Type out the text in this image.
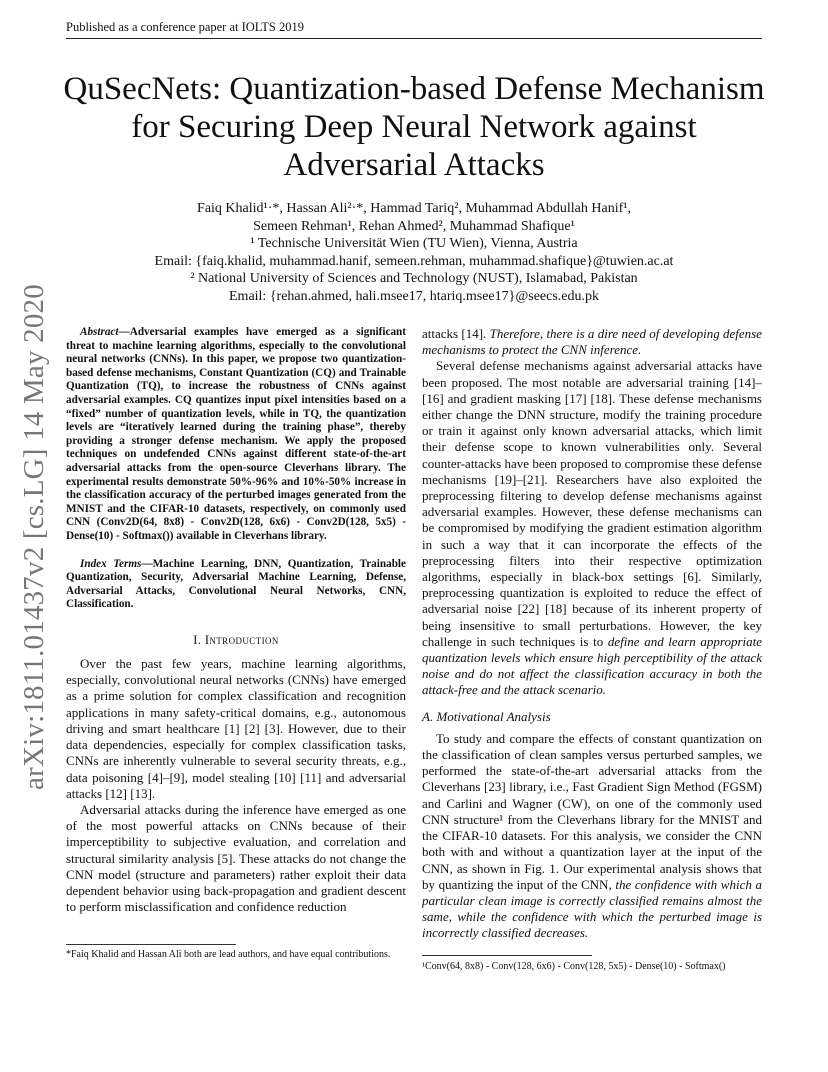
Published as a conference paper at IOLTS 2019
arXiv:1811.01437v2 [cs.LG] 14 May 2020
QuSecNets: Quantization-based Defense Mechanism
for Securing Deep Neural Network against
Adversarial Attacks
Faiq Khalid¹·*, Hassan Ali²·*, Hammad Tariq², Muhammad Abdullah Hanif¹,
Semeen Rehman¹, Rehan Ahmed², Muhammad Shafique¹
¹ Technische Universität Wien (TU Wien), Vienna, Austria
Email: {faiq.khalid, muhammad.hanif, semeen.rehman, muhammad.shafique}@tuwien.ac.at
² National University of Sciences and Technology (NUST), Islamabad, Pakistan
Email: {rehan.ahmed, hali.msee17, htariq.msee17}@seecs.edu.pk

Abstract—Adversarial examples have emerged as a significant threat to machine learning algorithms, especially to the convolutional neural networks (CNNs). In this paper, we propose two quantization-based defense mechanisms, Constant Quantization (CQ) and Trainable Quantization (TQ), to increase the robustness of CNNs against adversarial examples. CQ quantizes input pixel intensities based on a “fixed” number of quantization levels, while in TQ, the quantization levels are “iteratively learned during the training phase”, thereby providing a stronger defense mechanism. We apply the proposed techniques on undefended CNNs against different state-of-the-art adversarial attacks from the open-source Cleverhans library. The experimental results demonstrate 50%-96% and 10%-50% increase in the classification accuracy of the perturbed images generated from the MNIST and the CIFAR-10 datasets, respectively, on commonly used CNN (Conv2D(64, 8x8) - Conv2D(128, 6x6) - Conv2D(128, 5x5) - Dense(10) - Softmax()) available in Cleverhans library.

Index Terms—Machine Learning, DNN, Quantization, Trainable Quantization, Security, Adversarial Machine Learning, Defense, Adversarial Attacks, Convolutional Neural Networks, CNN, Classification.

I. Introduction

Over the past few years, machine learning algorithms, especially, convolutional neural networks (CNNs) have emerged as a prime solution for complex classification and recognition applications in many safety-critical domains, e.g., autonomous driving and smart healthcare [1] [2] [3]. However, due to their data dependencies, especially for complex classification tasks, CNNs are inherently vulnerable to several security threats, e.g., data poisoning [4]–[9], model stealing [10] [11] and adversarial attacks [12] [13].

Adversarial attacks during the inference have emerged as one of the most powerful attacks on CNNs because of their imperceptibility to subjective evaluation, and correlation and structural similarity analysis [5]. These attacks do not change the CNN model (structure and parameters) rather exploit their data dependent behavior using back-propagation and gradient descent to perform misclassification and confidence reduction

attacks [14]. Therefore, there is a dire need of developing defense mechanisms to protect the CNN inference.

Several defense mechanisms against adversarial attacks have been proposed. The most notable are adversarial training [14]–[16] and gradient masking [17] [18]. These defense mechanisms either change the DNN structure, modify the training procedure or train it against only known adversarial attacks, which limit their defense scope to known vulnerabilities only. Several counter-attacks have been proposed to compromise these defense mechanisms [19]–[21]. Researchers have also exploited the preprocessing filtering to develop defense mechanisms against adversarial examples. However, these defense mechanisms can be compromised by modifying the gradient estimation algorithm in such a way that it can incorporate the effects of the preprocessing filters into their respective optimization algorithms, especially in black-box settings [6]. Similarly, preprocessing quantization is exploited to reduce the effect of adversarial noise [22] [18] because of its inherent property of being insensitive to small perturbations. However, the key challenge in such techniques is to define and learn appropriate quantization levels which ensure high perceptibility of the attack noise and do not affect the classification accuracy in both the attack-free and the attack scenario.

A. Motivational Analysis

To study and compare the effects of constant quantization on the classification of clean samples versus perturbed samples, we performed the state-of-the-art adversarial attacks from the Cleverhans [23] library, i.e., Fast Gradient Sign Method (FGSM) and Carlini and Wagner (CW), on one of the commonly used CNN structure¹ from the Cleverhans library for the MNIST and the CIFAR-10 datasets. For this analysis, we consider the CNN both with and without a quantization layer at the input of the CNN, as shown in Fig. 1. Our experimental analysis shows that by quantizing the input of the CNN, the confidence with which a particular clean image is correctly classified remains almost the same, while the confidence with which the perturbed image is incorrectly classified decreases.

*Faiq Khalid and Hassan Ali both are lead authors, and have equal contributions.
¹Conv(64, 8x8) - Conv(128, 6x6) - Conv(128, 5x5) - Dense(10) - Softmax()
